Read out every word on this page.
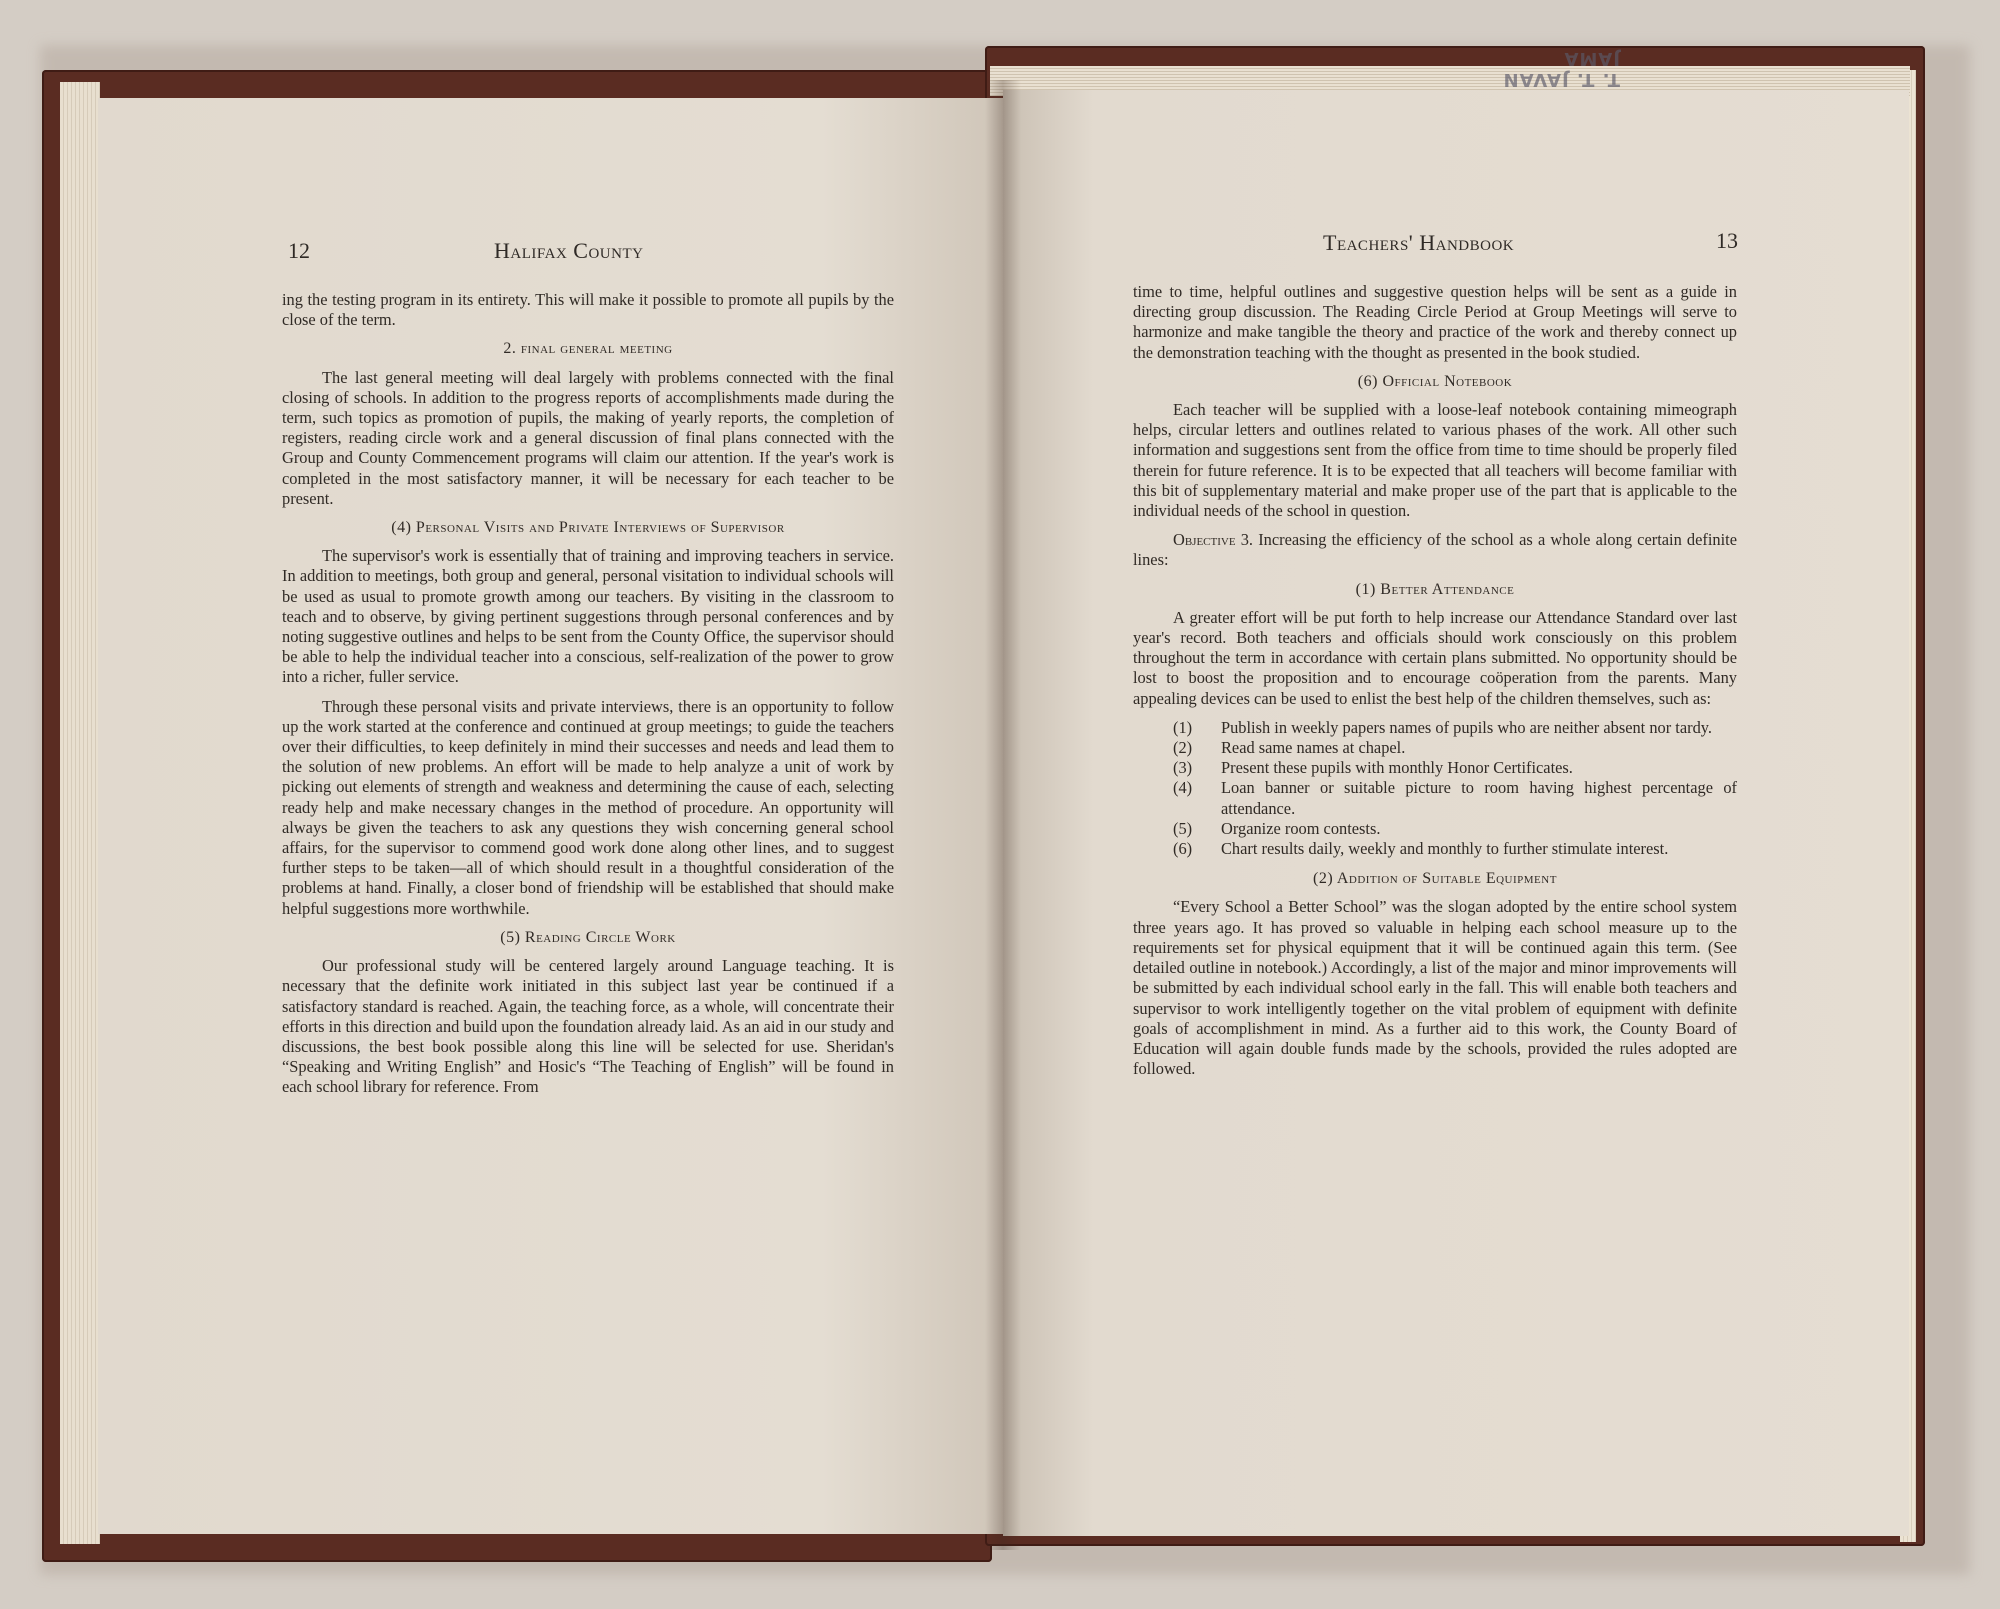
T. T. JAVAN JAMA
12	Halifax County

ing the testing program in its entirety. This will make it possible to promote all pupils by the close of the term.

2. final general meeting

The last general meeting will deal largely with problems connected with the final closing of schools. In addition to the progress reports of accomplishments made during the term, such topics as promotion of pupils, the making of yearly reports, the completion of registers, reading circle work and a general discussion of final plans connected with the Group and County Commencement programs will claim our attention. If the year's work is completed in the most satisfactory manner, it will be necessary for each teacher to be present.

(4) Personal Visits and Private Interviews of Supervisor

The supervisor's work is essentially that of training and improving teachers in service. In addition to meetings, both group and general, personal visitation to individual schools will be used as usual to promote growth among our teachers. By visiting in the classroom to teach and to observe, by giving pertinent suggestions through personal conferences and by noting suggestive outlines and helps to be sent from the County Office, the supervisor should be able to help the individual teacher into a conscious, self-realization of the power to grow into a richer, fuller service.

Through these personal visits and private interviews, there is an opportunity to follow up the work started at the conference and continued at group meetings; to guide the teachers over their difficulties, to keep definitely in mind their successes and needs and lead them to the solution of new problems. An effort will be made to help analyze a unit of work by picking out elements of strength and weakness and determining the cause of each, selecting ready help and make necessary changes in the method of procedure. An opportunity will always be given the teachers to ask any questions they wish concerning general school affairs, for the supervisor to commend good work done along other lines, and to suggest further steps to be taken—all of which should result in a thoughtful consideration of the problems at hand. Finally, a closer bond of friendship will be established that should make helpful suggestions more worthwhile.

(5) Reading Circle Work

Our professional study will be centered largely around Language teaching. It is necessary that the definite work initiated in this subject last year be continued if a satisfactory standard is reached. Again, the teaching force, as a whole, will concentrate their efforts in this direction and build upon the foundation already laid. As an aid in our study and discussions, the best book possible along this line will be selected for use. Sheridan's “Speaking and Writing English” and Hosic's “The Teaching of English” will be found in each school library for reference. From

Teachers' Handbook	13

time to time, helpful outlines and suggestive question helps will be sent as a guide in directing group discussion. The Reading Circle Period at Group Meetings will serve to harmonize and make tangible the theory and practice of the work and thereby connect up the demonstration teaching with the thought as presented in the book studied.

(6) Official Notebook

Each teacher will be supplied with a loose-leaf notebook containing mimeograph helps, circular letters and outlines related to various phases of the work. All other such information and suggestions sent from the office from time to time should be properly filed therein for future reference. It is to be expected that all teachers will become familiar with this bit of supplementary material and make proper use of the part that is applicable to the individual needs of the school in question.

Objective 3. Increasing the efficiency of the school as a whole along certain definite lines:

(1) Better Attendance

A greater effort will be put forth to help increase our Attendance Standard over last year's record. Both teachers and officials should work consciously on this problem throughout the term in accordance with certain plans submitted. No opportunity should be lost to boost the proposition and to encourage coöperation from the parents. Many appealing devices can be used to enlist the best help of the children themselves, such as:

(1)	Publish in weekly papers names of pupils who are neither absent nor tardy.
(2)	Read same names at chapel.
(3)	Present these pupils with monthly Honor Certificates.
(4)	Loan banner or suitable picture to room having highest percentage of attendance.
(5)	Organize room contests.
(6)	Chart results daily, weekly and monthly to further stimulate interest.
(2) Addition of Suitable Equipment

“Every School a Better School” was the slogan adopted by the entire school system three years ago. It has proved so valuable in helping each school measure up to the requirements set for physical equipment that it will be continued again this term. (See detailed outline in notebook.) Accordingly, a list of the major and minor improvements will be submitted by each individual school early in the fall. This will enable both teachers and supervisor to work intelligently together on the vital problem of equipment with definite goals of accomplishment in mind. As a further aid to this work, the County Board of Education will again double funds made by the schools, provided the rules adopted are followed.
